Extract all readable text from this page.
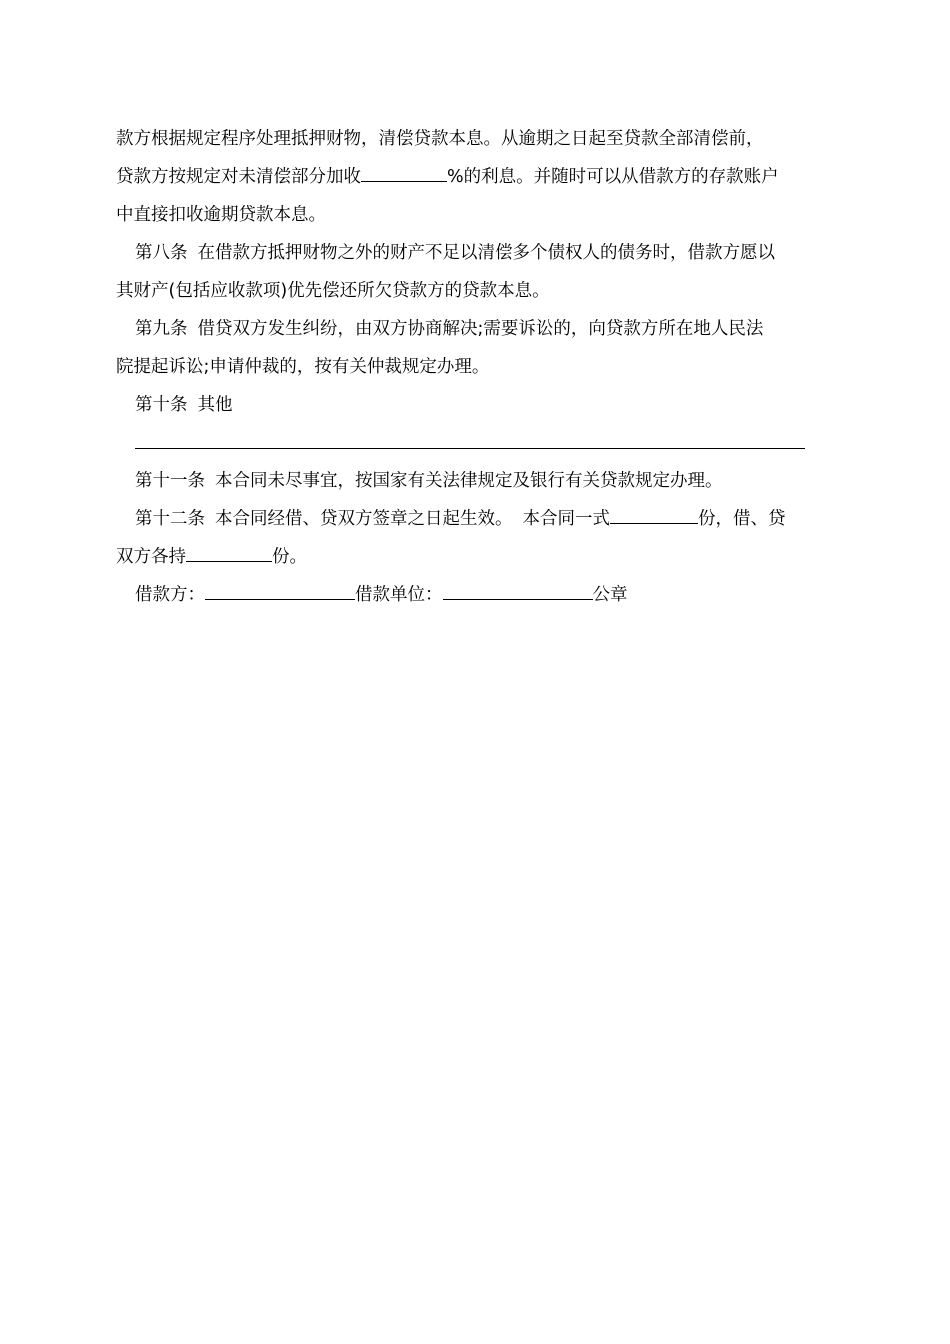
款方根据规定程序处理抵押财物，清偿贷款本息。从逾期之日起至贷款全部清偿前，
贷款方按规定对未清偿部分加收	%的利息。并随时可以从借款方的存款账户
中直接扣收逾期贷款本息。
第八条 在借款方抵押财物之外的财产不足以清偿多个债权人的债务时，借款方愿以
其财产(包括应收款项)优先偿还所欠贷款方的贷款本息。
第九条 借贷双方发生纠纷，由双方协商解决;需要诉讼的，向贷款方所在地人民法
院提起诉讼;申请仲裁的，按有关仲裁规定办理。
第十条 其他
第十一条 本合同未尽事宜，按国家有关法律规定及银行有关贷款规定办理。
第十二条 本合同经借、贷双方签章之日起生效。 本合同一式	份，借、贷
双方各持	份。
借款方：	借款单位：	公章
